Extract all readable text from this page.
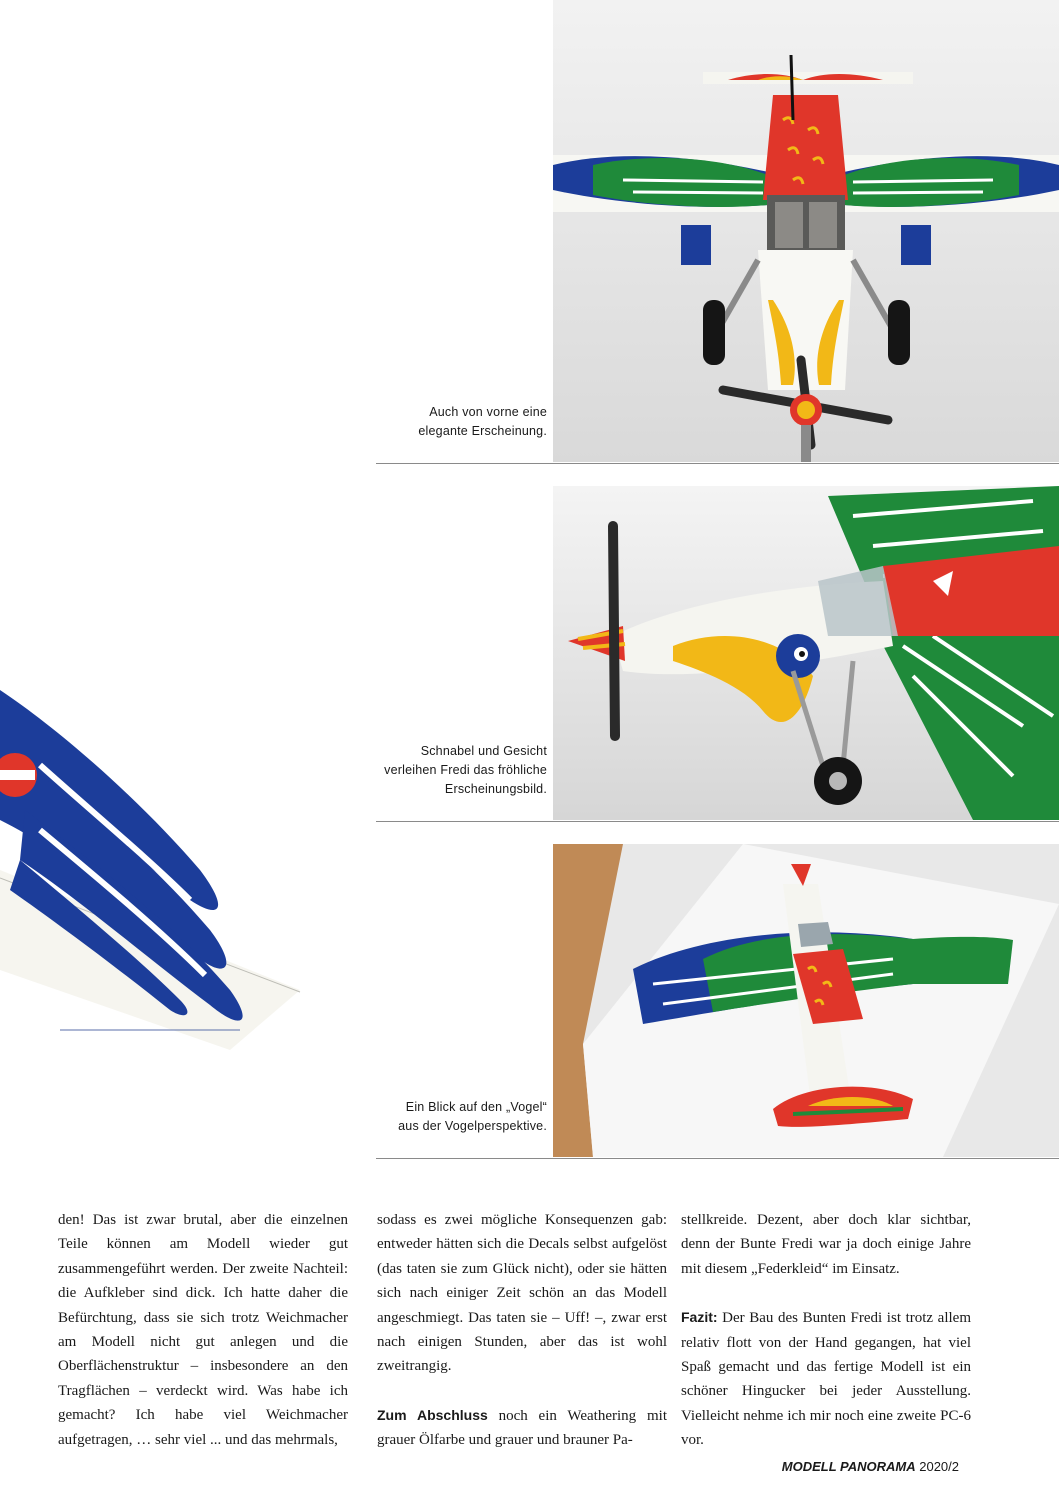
Auch von vorne eine
elegante Erscheinung.
Schnabel und Gesicht
verleihen Fredi das fröhliche
Erscheinungsbild.
Ein Blick auf den „Vogel“
aus der Vogelperspektive.

den! Das ist zwar brutal, aber die einzelnen Teile können am Modell wieder gut zusammengeführt werden. Der zweite Nachteil: die Aufkleber sind dick. Ich hatte daher die Befürchtung, dass sie sich trotz Weichmacher am Modell nicht gut anlegen und die Oberflächenstruktur – insbesondere an den Tragflächen – verdeckt wird. Was habe ich gemacht? Ich habe viel Weichmacher aufgetragen, … sehr viel ... und das mehrmals,

sodass es zwei mögliche Konsequenzen gab: entweder hätten sich die Decals selbst aufgelöst (das taten sie zum Glück nicht), oder sie hätten sich nach einiger Zeit schön an das Modell angeschmiegt. Das taten sie – Uff! –, zwar erst nach einigen Stunden, aber das ist wohl zweitrangig.

Zum Abschluss noch ein Weathering mit grauer Ölfarbe und grauer und brauner Pa-

stellkreide. Dezent, aber doch klar sichtbar, denn der Bunte Fredi war ja doch einige Jahre mit diesem „Federkleid“ im Einsatz.

Fazit: Der Bau des Bunten Fredi ist trotz allem relativ flott von der Hand gegangen, hat viel Spaß gemacht und das fertige Modell ist ein schöner Hingucker bei jeder Ausstellung. Vielleicht nehme ich mir noch eine zweite PC-6 vor.

MODELL PANORAMA 2020/2
